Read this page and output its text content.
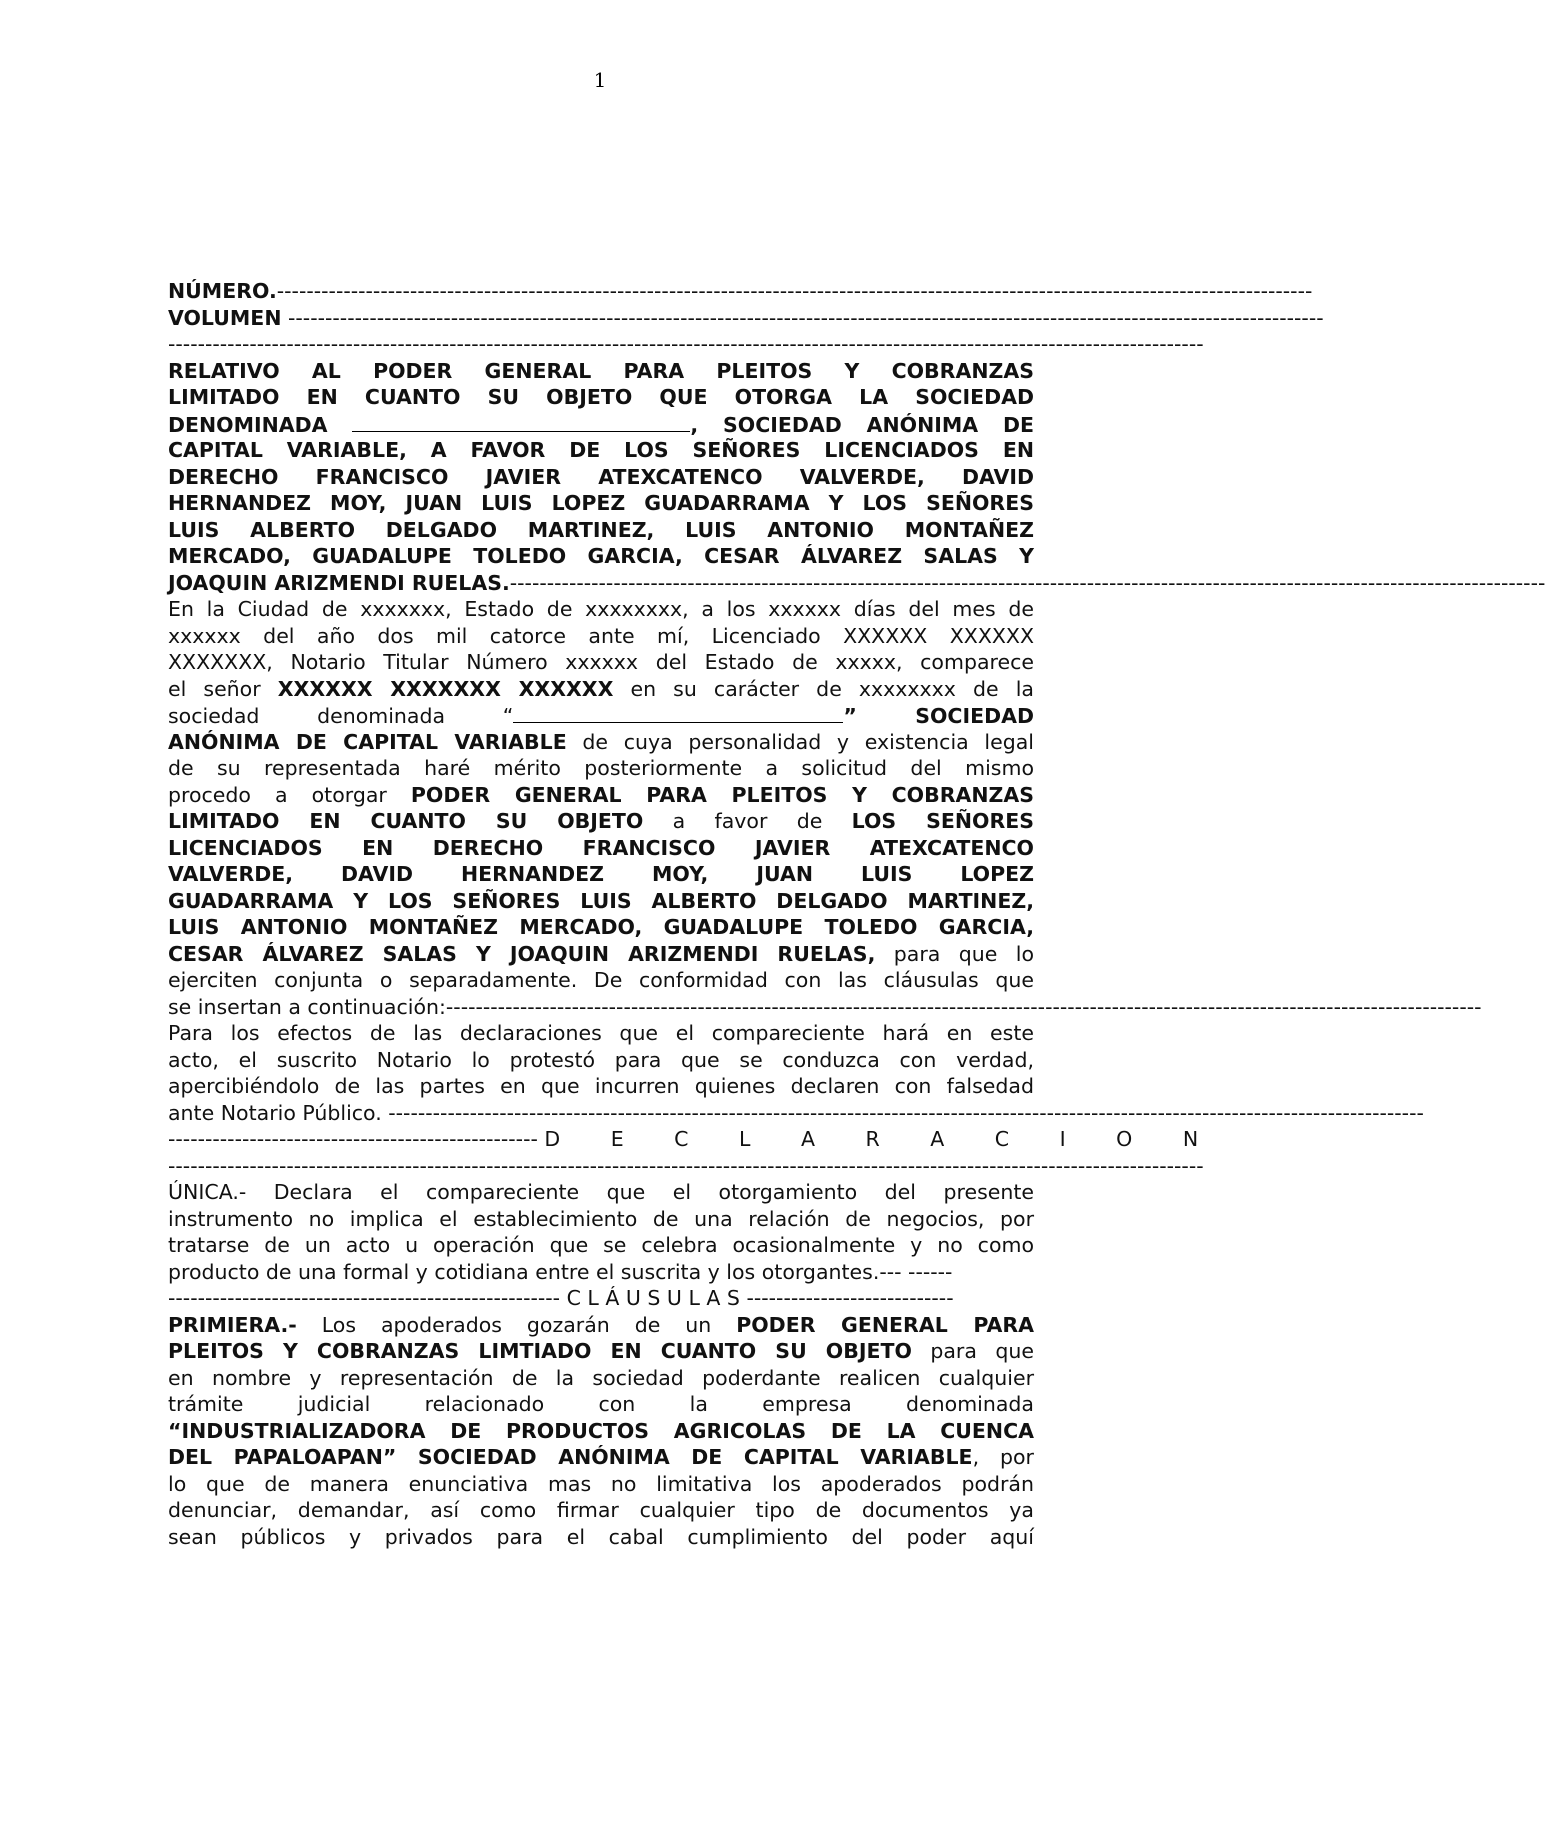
1
NÚMERO. -----
VOLUMEN -----
-----
RELATIVO AL PODER GENERAL PARA PLEITOS Y COBRANZAS
LIMITADO EN CUANTO SU OBJETO QUE OTORGA LA SOCIEDAD
DENOMINADA	, SOCIEDAD ANÓNIMA DE
CAPITAL VARIABLE, A FAVOR DE LOS SEÑORES LICENCIADOS EN
DERECHO FRANCISCO JAVIER ATEXCATENCO VALVERDE, DAVID
HERNANDEZ MOY, JUAN LUIS LOPEZ GUADARRAMA Y LOS SEÑORES
LUIS ALBERTO DELGADO MARTINEZ, LUIS ANTONIO MONTAÑEZ
MERCADO, GUADALUPE TOLEDO GARCIA, CESAR ÁLVAREZ SALAS Y
JOAQUIN ARIZMENDI RUELAS. -----
En la Ciudad de xxxxxxx, Estado de xxxxxxxx, a los xxxxxx días del mes de
xxxxxx del año dos mil catorce ante mí, Licenciado XXXXXX XXXXXX
XXXXXXX, Notario Titular Número xxxxxx del Estado de xxxxx, comparece
el señor XXXXXX XXXXXXX XXXXXX en su carácter de xxxxxxxx de la
sociedad denominada “	” SOCIEDAD
ANÓNIMA DE CAPITAL VARIABLE de cuya personalidad y existencia legal
de su representada haré mérito posteriormente a solicitud del mismo
procedo a otorgar PODER GENERAL PARA PLEITOS Y COBRANZAS
LIMITADO EN CUANTO SU OBJETO a favor de LOS SEÑORES
LICENCIADOS EN DERECHO FRANCISCO JAVIER ATEXCATENCO
VALVERDE, DAVID HERNANDEZ MOY, JUAN LUIS LOPEZ
GUADARRAMA Y LOS SEÑORES LUIS ALBERTO DELGADO MARTINEZ,
LUIS ANTONIO MONTAÑEZ MERCADO, GUADALUPE TOLEDO GARCIA,
CESAR ÁLVAREZ SALAS Y JOAQUIN ARIZMENDI RUELAS, para que lo
ejerciten conjunta o separadamente. De conformidad con las cláusulas que
se insertan a continuación: -----
Para los efectos de las declaraciones que el compareciente hará en este
acto, el suscrito Notario lo protestó para que se conduzca con verdad,
apercibiéndolo de las partes en que incurren quienes declaren con falsedad
ante Notario Público. -----
-------------------------------------------------- D E C L A R A C I O N
-----
ÚNICA.- Declara el compareciente que el otorgamiento del presente
instrumento no implica el establecimiento de una relación de negocios, por
tratarse de un acto u operación que se celebra ocasionalmente y no como
producto de una formal y cotidiana entre el suscrita y los otorgantes.--- ------
----------------------------------------------------- C L Á U S U L A S ----------------------------
PRIMIERA.- Los apoderados gozarán de un PODER GENERAL PARA
PLEITOS Y COBRANZAS LIMTIADO EN CUANTO SU OBJETO para que
en nombre y representación de la sociedad poderdante realicen cualquier
trámite judicial relacionado con la empresa denominada
“INDUSTRIALIZADORA DE PRODUCTOS AGRICOLAS DE LA CUENCA
DEL PAPALOAPAN” SOCIEDAD ANÓNIMA DE CAPITAL VARIABLE, por
lo que de manera enunciativa mas no limitativa los apoderados podrán
denunciar, demandar, así como firmar cualquier tipo de documentos ya
sean públicos y privados para el cabal cumplimiento del poder aquí
